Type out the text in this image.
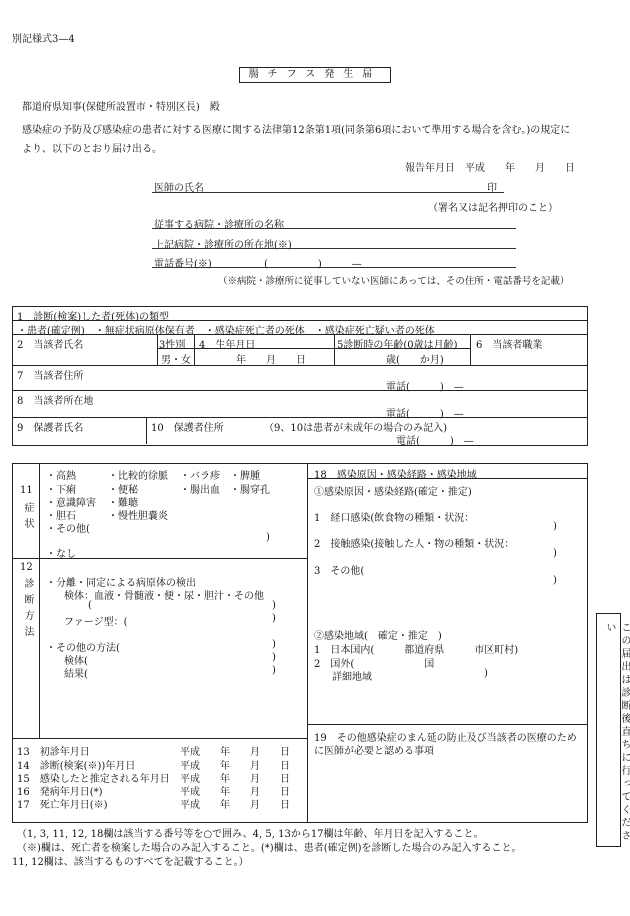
別記様式3—4
腸チフス発生届
都道府県知事(保健所設置市・特別区長)　殿
感染症の予防及び感染症の患者に対する医療に関する法律第12条第1項(同条第6項において準用する場合を含む。)の規定に
より、以下のとおり届け出る。
報告年月日　平成　　年　　月　　日
医師の氏名	印
（署名又は記名押印のこと）
従事する病院・診療所の名称
上記病院・診療所の所在地(※)
電話番号(※)	(　　　　　)　　　—
（※病院・診療所に従事していない医師にあっては、その住所・電話番号を記載）
1　診断(検案)した者(死体)の類型
・患者(確定例)　・無症状病原体保有者　・感染症死亡者の死体　・感染症死亡疑い者の死体
2　当該者氏名	3性別 4　生年月日	5診断時の年齢(0歳は月齢) 6　当該者職業
男・女	年　　月　　日	歳(　　か月)
7　当該者住所
電話(　　　)　—
8　当該者所在地
電話(　　　)　—
9　保護者氏名	10　保護者住所	（9、10は患者が未成年の場合のみ記入)
電話(　　　)　—
11
症状
・高熱	・比較的徐脈 ・バラ疹 ・脾腫
・下痢	・便秘	・腸出血 ・腸穿孔
・意識障害 ・難聴
・胆石	・慢性胆嚢炎
・その他(
)
・なし
12
診断方法 ・分離・同定による病原体の検出
検体：血液・骨髄液・便・尿・胆汁・その他
(	)
ファージ型：(	)
・その他の方法(	)
検体(	)
結果(	)
13　初診年月日	平成　　年　　月　　日
14　診断(検案(※))年月日	平成　　年　　月　　日
15　感染したと推定される年月日 平成　　年　　月　　日
16　発病年月日(*)	平成　　年　　月　　日
17　死亡年月日(※)	平成　　年　　月　　日
18　感染原因・感染経路・感染地域
①感染原因・感染経路(確定・推定)
1　経口感染(飲食物の種類・状況：
)
2　接触感染(接触した人・物の種類・状況：
)
3　その他(
)
②感染地域(　確定・推定　)
1　日本国内(　　　都道府県　　　市区町村)
2　国外(　　　　　　　国
詳細地域	)
19　その他感染症のまん延の防止及び当該者の医療のため
に医師が必要と認める事項
（1, 3, 11, 12, 18欄は該当する番号等を○で囲み、4, 5, 13から17欄は年齢、年月日を記入すること。
（※)欄は、死亡者を検案した場合のみ記入すること。(*)欄は、患者(確定例)を診断した場合のみ記入すること。
11, 12欄は、該当するものすべてを記載すること。）
この届出は診断後直ちに行ってください
